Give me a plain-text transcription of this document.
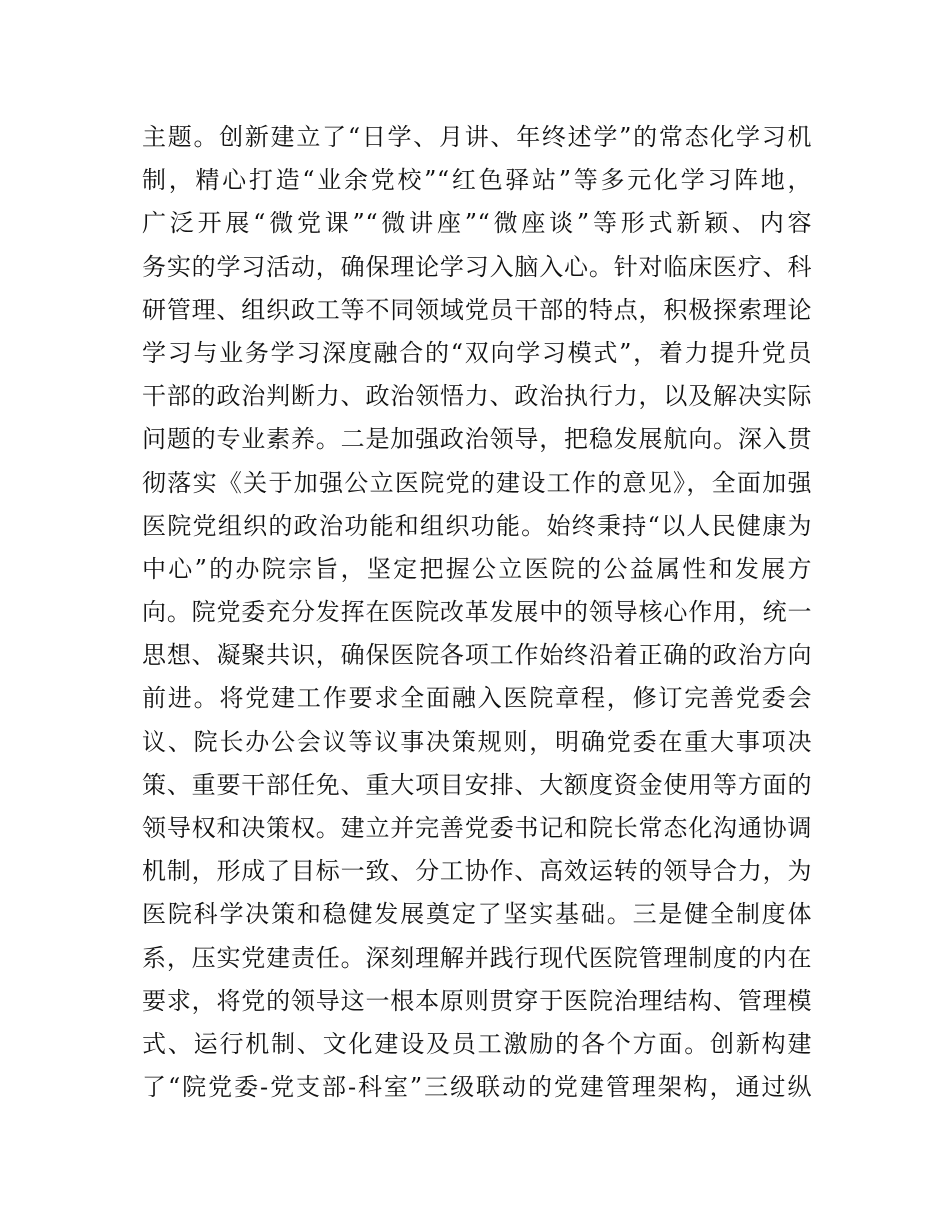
主题。创新建立了“日学、月讲、年终述学”的常态化学习机
制，精心打造“业余党校”“红色驿站”等多元化学习阵地，
广泛开展“微党课”“微讲座”“微座谈”等形式新颖、内容
务实的学习活动，确保理论学习入脑入心。针对临床医疗、科
研管理、组织政工等不同领域党员干部的特点，积极探索理论
学习与业务学习深度融合的“双向学习模式”，着力提升党员
干部的政治判断力、政治领悟力、政治执行力，以及解决实际
问题的专业素养。二是加强政治领导，把稳发展航向。深入贯
彻落实《关于加强公立医院党的建设工作的意见》，全面加强
医院党组织的政治功能和组织功能。始终秉持“以人民健康为
中心”的办院宗旨，坚定把握公立医院的公益属性和发展方
向。院党委充分发挥在医院改革发展中的领导核心作用，统一
思想、凝聚共识，确保医院各项工作始终沿着正确的政治方向
前进。将党建工作要求全面融入医院章程，修订完善党委会
议、院长办公会议等议事决策规则，明确党委在重大事项决
策、重要干部任免、重大项目安排、大额度资金使用等方面的
领导权和决策权。建立并完善党委书记和院长常态化沟通协调
机制，形成了目标一致、分工协作、高效运转的领导合力，为
医院科学决策和稳健发展奠定了坚实基础。三是健全制度体
系，压实党建责任。深刻理解并践行现代医院管理制度的内在
要求，将党的领导这一根本原则贯穿于医院治理结构、管理模
式、运行机制、文化建设及员工激励的各个方面。创新构建
了“院党委-党支部-科室”三级联动的党建管理架构，通过纵
